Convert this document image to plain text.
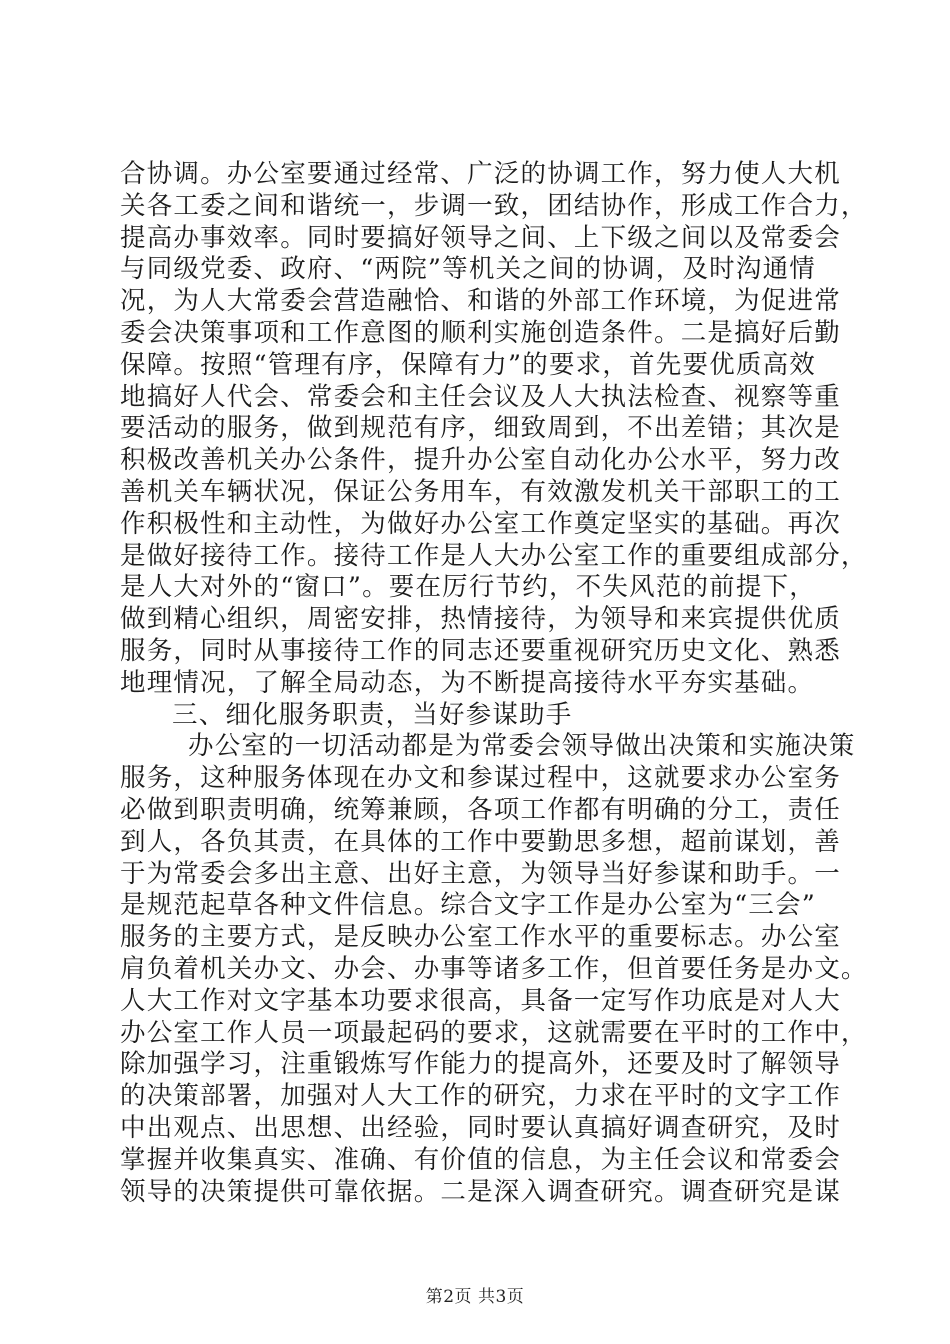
合协调。办公室要通过经常、广泛的协调工作，努力使人大机
关各工委之间和谐统一，步调一致，团结协作，形成工作合力，
提高办事效率。同时要搞好领导之间、上下级之间以及常委会
与同级党委、政府、“两院”等机关之间的协调，及时沟通情
况，为人大常委会营造融恰、和谐的外部工作环境，为促进常
委会决策事项和工作意图的顺利实施创造条件。二是搞好后勤
保障。按照“管理有序，保障有力”的要求，首先要优质高效
地搞好人代会、常委会和主任会议及人大执法检查、视察等重
要活动的服务，做到规范有序，细致周到，不出差错；其次是
积极改善机关办公条件，提升办公室自动化办公水平，努力改
善机关车辆状况，保证公务用车，有效激发机关干部职工的工
作积极性和主动性，为做好办公室工作奠定坚实的基础。再次
是做好接待工作。接待工作是人大办公室工作的重要组成部分，
是人大对外的“窗口”。要在厉行节约，不失风范的前提下，
做到精心组织，周密安排，热情接待，为领导和来宾提供优质
服务，同时从事接待工作的同志还要重视研究历史文化、熟悉
地理情况，了解全局动态，为不断提高接待水平夯实基础。
三、细化服务职责，当好参谋助手
办公室的一切活动都是为常委会领导做出决策和实施决策
服务，这种服务体现在办文和参谋过程中，这就要求办公室务
必做到职责明确，统筹兼顾，各项工作都有明确的分工，责任
到人，各负其责，在具体的工作中要勤思多想，超前谋划，善
于为常委会多出主意、出好主意，为领导当好参谋和助手。一
是规范起草各种文件信息。综合文字工作是办公室为“三会”
服务的主要方式，是反映办公室工作水平的重要标志。办公室
肩负着机关办文、办会、办事等诸多工作，但首要任务是办文。
人大工作对文字基本功要求很高，具备一定写作功底是对人大
办公室工作人员一项最起码的要求，这就需要在平时的工作中，
除加强学习，注重锻炼写作能力的提高外，还要及时了解领导
的决策部署，加强对人大工作的研究，力求在平时的文字工作
中出观点、出思想、出经验，同时要认真搞好调查研究，及时
掌握并收集真实、准确、有价值的信息，为主任会议和常委会
领导的决策提供可靠依据。二是深入调查研究。调查研究是谋
第2页 共3页
